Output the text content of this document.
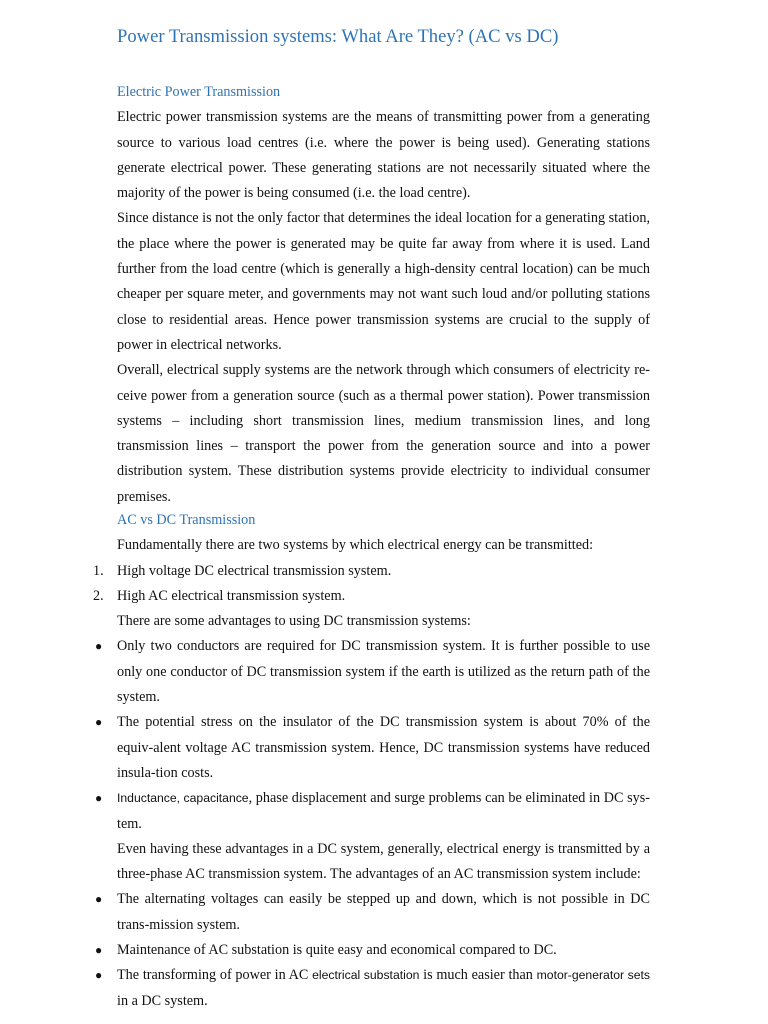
Power Transmission systems: What Are They? (AC vs DC)
Electric Power Transmission

Electric power transmission systems are the means of transmitting power from a generating source to various load centres (i.e. where the power is being used). Generating stations generate electrical power. These generating stations are not necessarily situated where the majority of the power is being consumed (i.e. the load centre).

Since distance is not the only factor that determines the ideal location for a generating station, the place where the power is generated may be quite far away from where it is used. Land further from the load centre (which is generally a high-density central location) can be much cheaper per square meter, and governments may not want such loud and/or polluting stations close to residential areas. Hence power transmission systems are crucial to the supply of power in electrical networks.

Overall, electrical supply systems are the network through which consumers of electricity re-ceive power from a generation source (such as a thermal power station). Power transmission systems – including short transmission lines, medium transmission lines, and long transmission lines – transport the power from the generation source and into a power distribution system. These distribution systems provide electricity to individual consumer premises.

AC vs DC Transmission

Fundamentally there are two systems by which electrical energy can be transmitted:

1. High voltage DC electrical transmission system.
2. High AC electrical transmission system.

There are some advantages to using DC transmission systems:

● Only two conductors are required for DC transmission system. It is further possible to use only one conductor of DC transmission system if the earth is utilized as the return path of the system.
● The potential stress on the insulator of the DC transmission system is about 70% of the equiv-alent voltage AC transmission system. Hence, DC transmission systems have reduced insula-tion costs.
● Inductance, capacitance, phase displacement and surge problems can be eliminated in DC sys-tem.

Even having these advantages in a DC system, generally, electrical energy is transmitted by a three-phase AC transmission system. The advantages of an AC transmission system include:

● The alternating voltages can easily be stepped up and down, which is not possible in DC trans-mission system.
● Maintenance of AC substation is quite easy and economical compared to DC.
● The transforming of power in AC electrical substation is much easier than motor-generator sets in a DC system.
